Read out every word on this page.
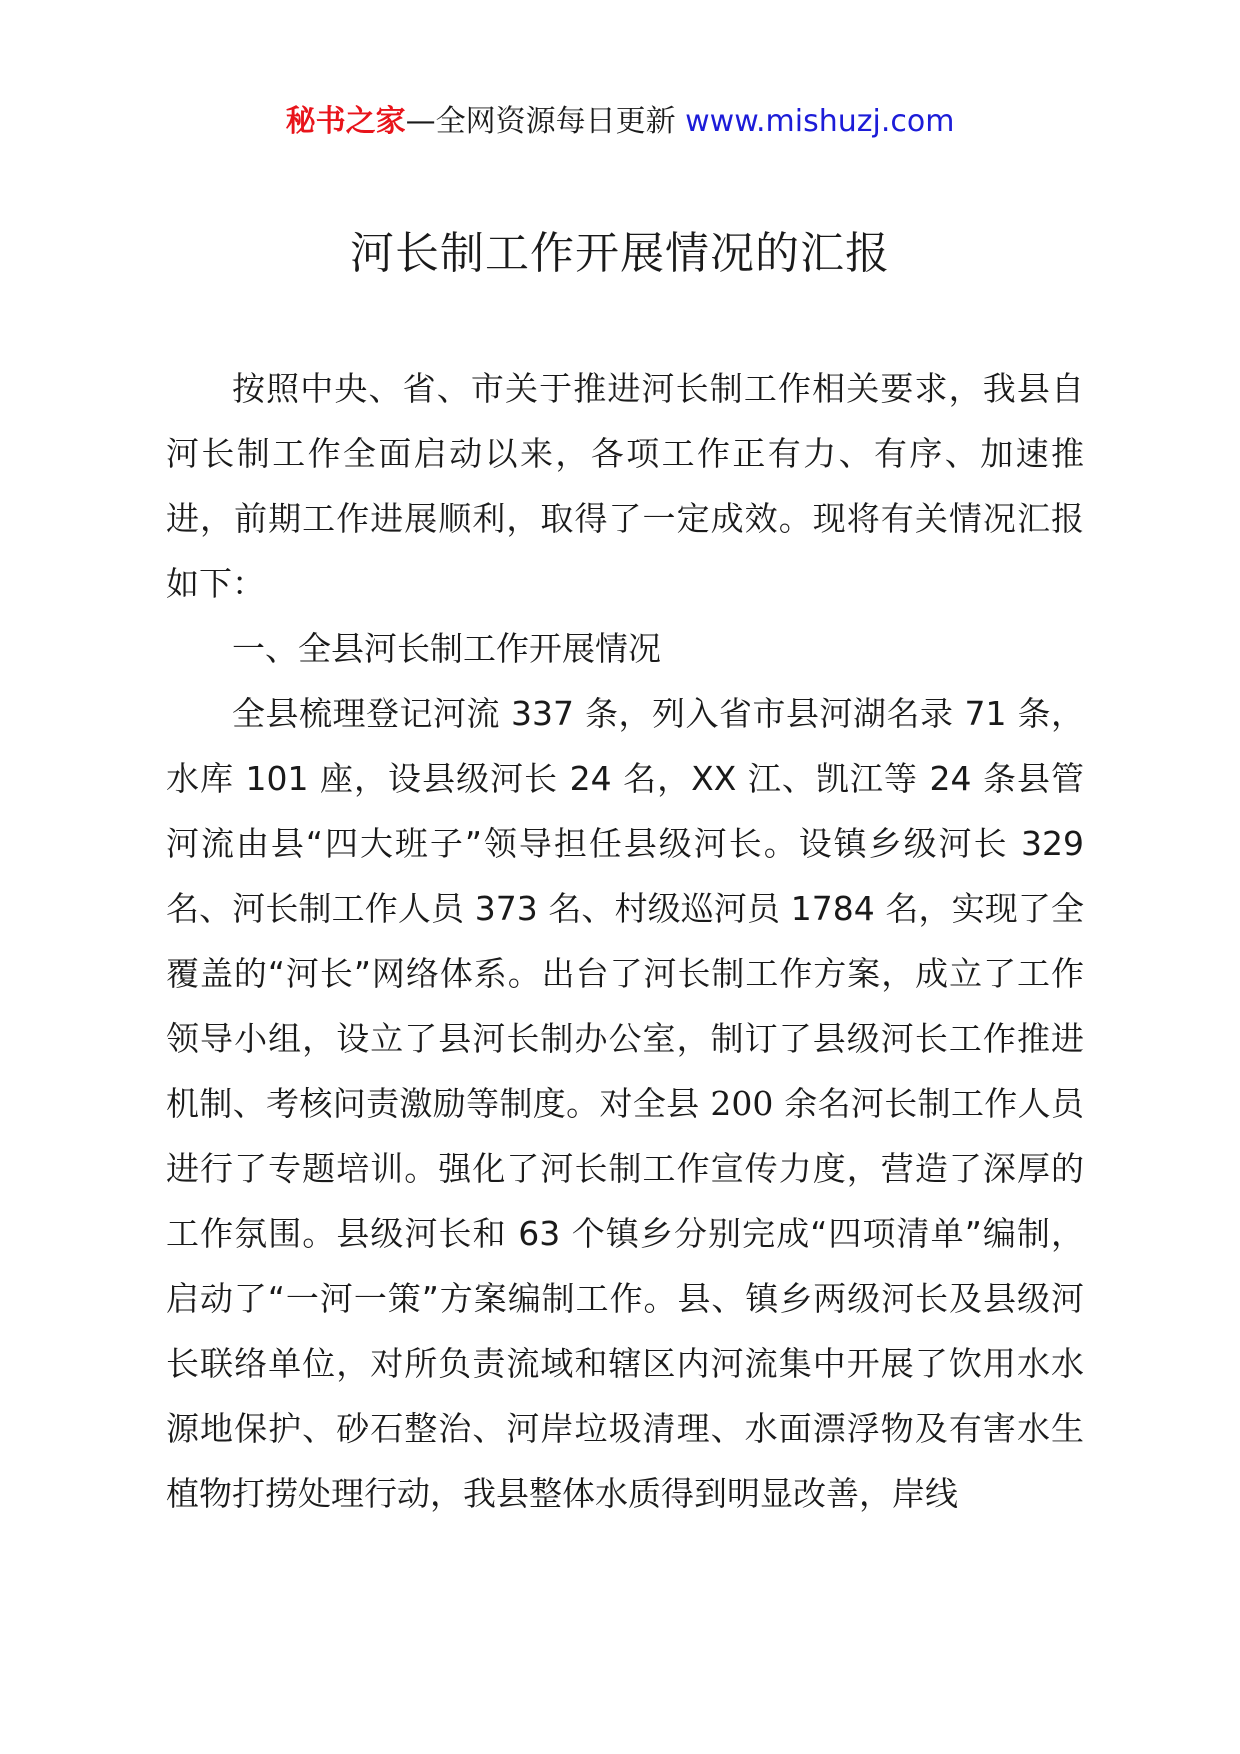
秘书之家—全网资源每日更新 www.mishuzj.com
河长制工作开展情况的汇报

按照中央、省、市关于推进河长制工作相关要求，我县自河长制工作全面启动以来，各项工作正有力、有序、加速推进，前期工作进展顺利，取得了一定成效。现将有关情况汇报如下：

一、全县河长制工作开展情况

全县梳理登记河流 337 条，列入省市县河湖名录 71 条，水库 101 座，设县级河长 24 名，XX 江、凯江等 24 条县管河流由县“四大班子”领导担任县级河长。设镇乡级河长 329 名、河长制工作人员 373 名、村级巡河员 1784 名，实现了全覆盖的“河长”网络体系。出台了河长制工作方案，成立了工作领导小组，设立了县河长制办公室，制订了县级河长工作推进机制、考核问责激励等制度。对全县 200 余名河长制工作人员进行了专题培训。强化了河长制工作宣传力度，营造了深厚的工作氛围。县级河长和 63 个镇乡分别完成“四项清单”编制，启动了“一河一策”方案编制工作。县、镇乡两级河长及县级河长联络单位，对所负责流域和辖区内河流集中开展了饮用水水源地保护、砂石整治、河岸垃圾清理、水面漂浮物及有害水生植物打捞处理行动，我县整体水质得到明显改善，岸线
